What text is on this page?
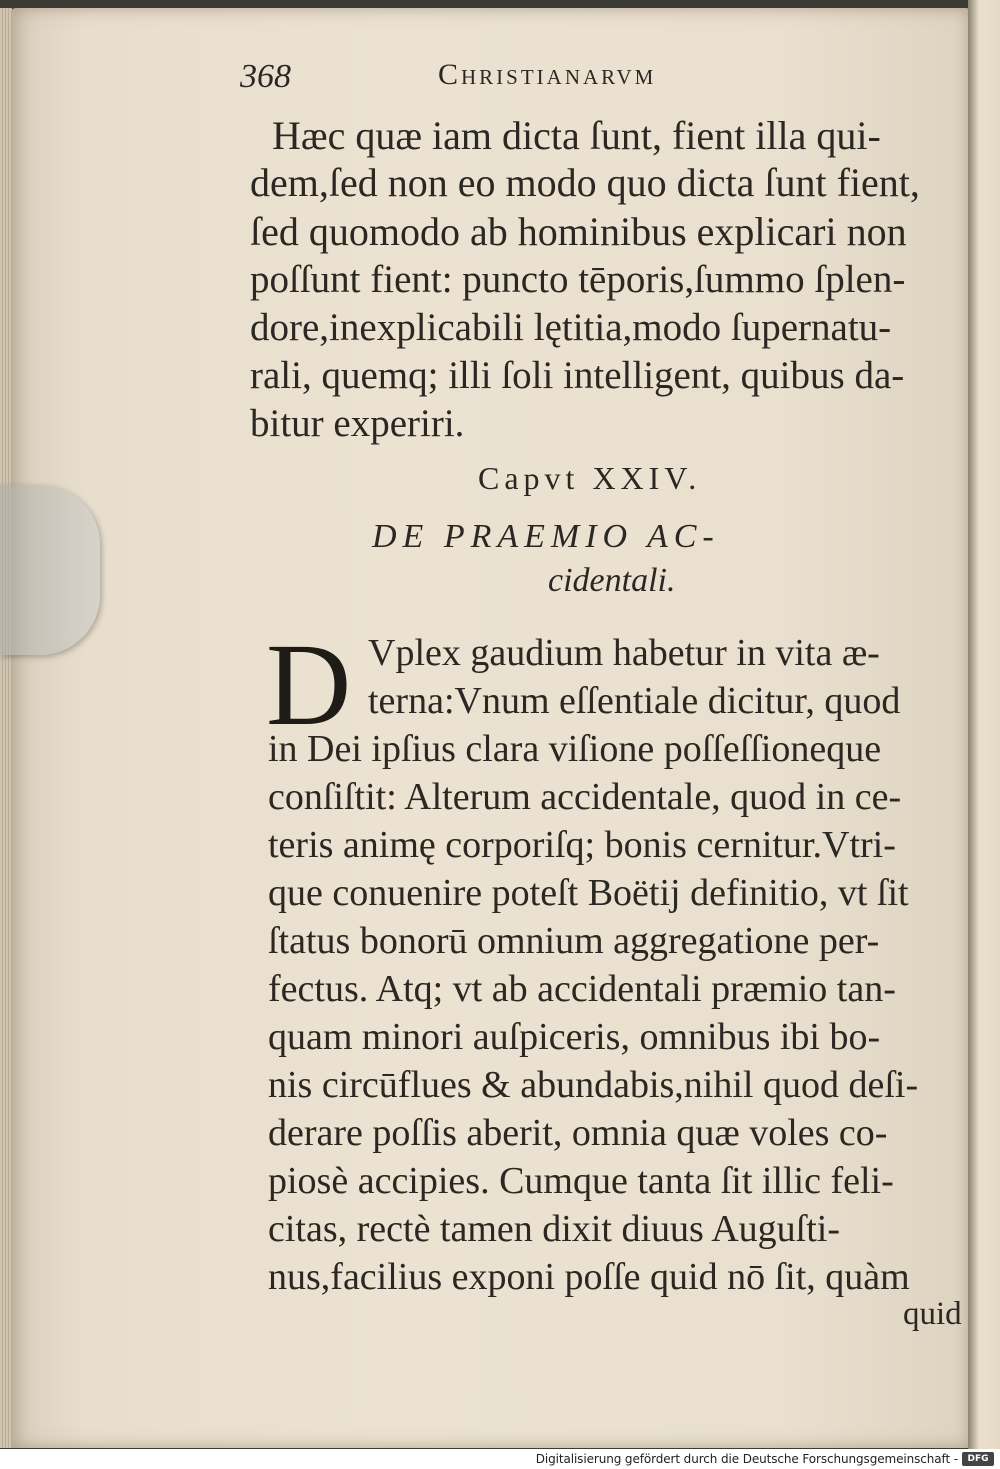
368	Christianarvm
Hæc quæ iam dicta ſunt, fient illa qui-
dem,ſed non eo modo quo dicta ſunt fient,
ſed quomodo ab hominibus explicari non
poſſunt fient: puncto tēporis,ſummo ſplen-
dore,inexplicabili lętitia,modo ſupernatu-
rali, quemq; illi ſoli intelligent, quibus da-
bitur experiri.
Capvt XXIV.
DE PRAEMIO AC-
cidentali.
D Vplex gaudium habetur in vita æ-
terna:Vnum eſſentiale dicitur, quod
in Dei ipſius clara viſione poſſeſſioneque
conſiſtit: Alterum accidentale, quod in ce-
teris animę corporiſq; bonis cernitur.Vtri-
que conuenire poteſt Boëtij definitio, vt ſit
ſtatus bonorū omnium aggregatione per-
fectus. Atq; vt ab accidentali præmio tan-
quam minori auſpiceris, omnibus ibi bo-
nis circūflues & abundabis,nihil quod deſi-
derare poſſis aberit, omnia quæ voles co-
piosè accipies. Cumque tanta ſit illic feli-
citas, rectè tamen dixit diuus Auguſti-
nus,facilius exponi poſſe quid nō ſit, quàm
quid
Digitalisierung gefördert durch die Deutsche Forschungsgemeinschaft -	DFG
